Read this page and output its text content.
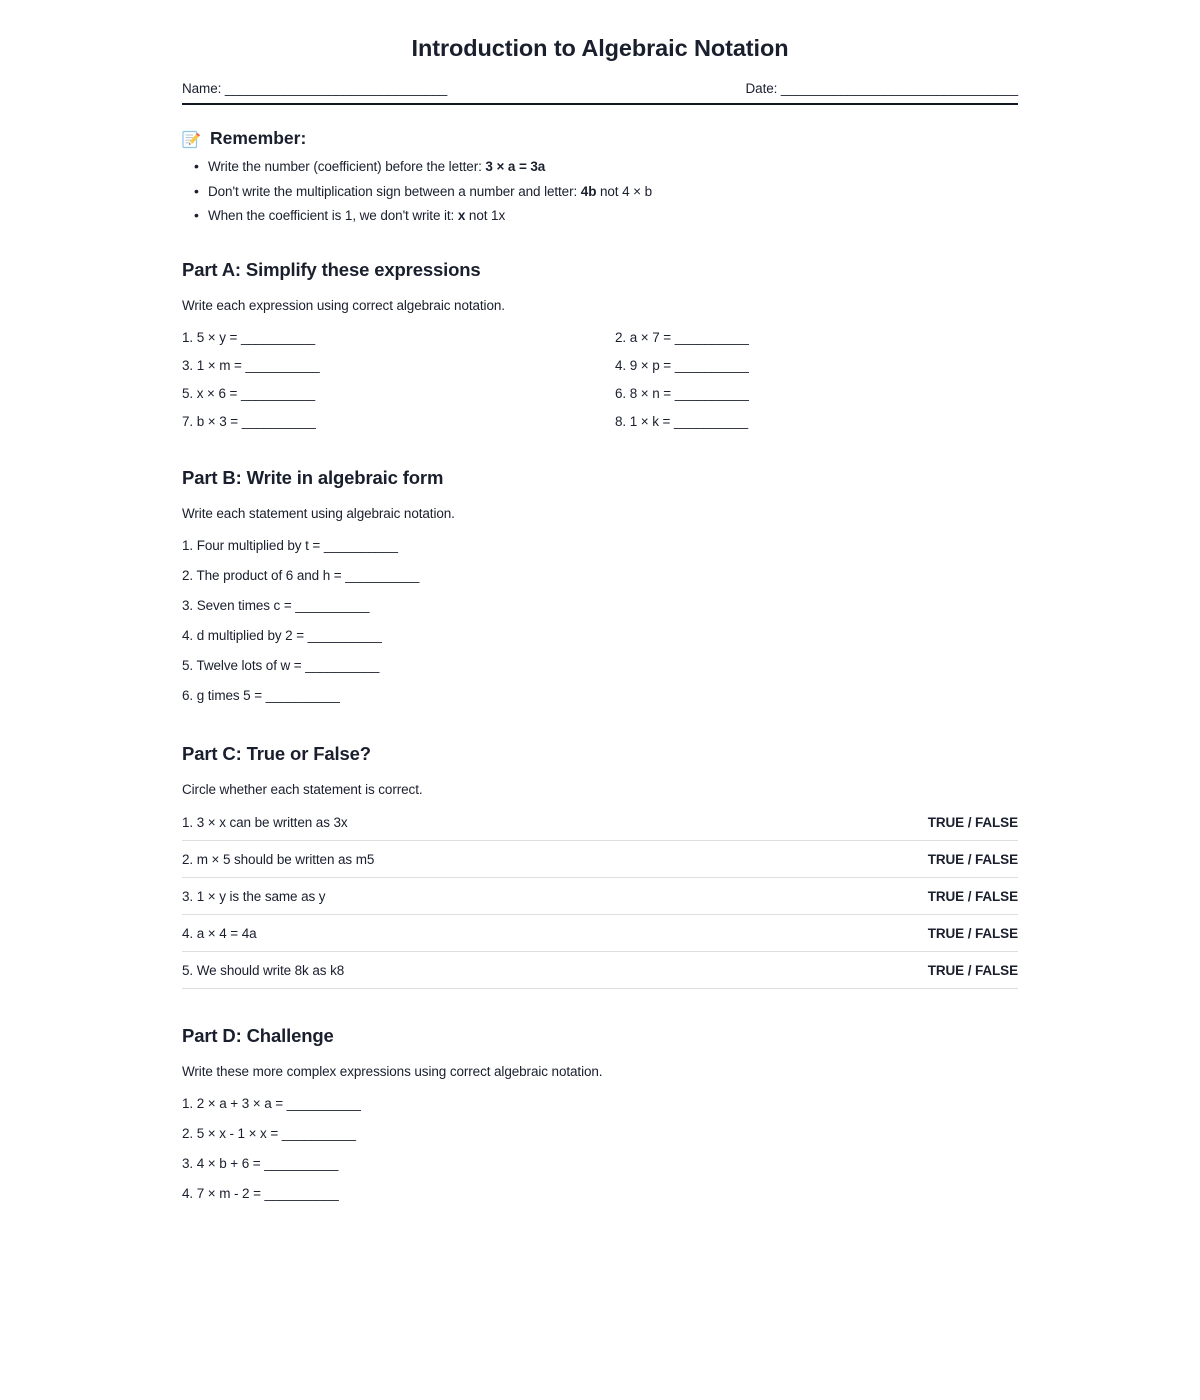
Introduction to Algebraic Notation
Name: ______________________________	Date: ________________________________
Remember:
• Write the number (coefficient) before the letter: 3 × a = 3a
• Don't write the multiplication sign between a number and letter: 4b not 4 × b
• When the coefficient is 1, we don't write it: x not 1x
Part A: Simplify these expressions

Write each expression using correct algebraic notation.

1. 5 × y = __________	2. a × 7 = __________
3. 1 × m = __________	4. 9 × p = __________
5. x × 6 = __________	6. 8 × n = __________
7. b × 3 = __________	8. 1 × k = __________
Part B: Write in algebraic form

Write each statement using algebraic notation.

1. Four multiplied by t = __________
2. The product of 6 and h = __________
3. Seven times c = __________
4. d multiplied by 2 = __________
5. Twelve lots of w = __________
6. g times 5 = __________
Part C: True or False?

Circle whether each statement is correct.

1. 3 × x can be written as 3x	TRUE / FALSE
2. m × 5 should be written as m5	TRUE / FALSE
3. 1 × y is the same as y	TRUE / FALSE
4. a × 4 = 4a	TRUE / FALSE
5. We should write 8k as k8	TRUE / FALSE
Part D: Challenge

Write these more complex expressions using correct algebraic notation.

1. 2 × a + 3 × a = __________
2. 5 × x - 1 × x = __________
3. 4 × b + 6 = __________
4. 7 × m - 2 = __________
